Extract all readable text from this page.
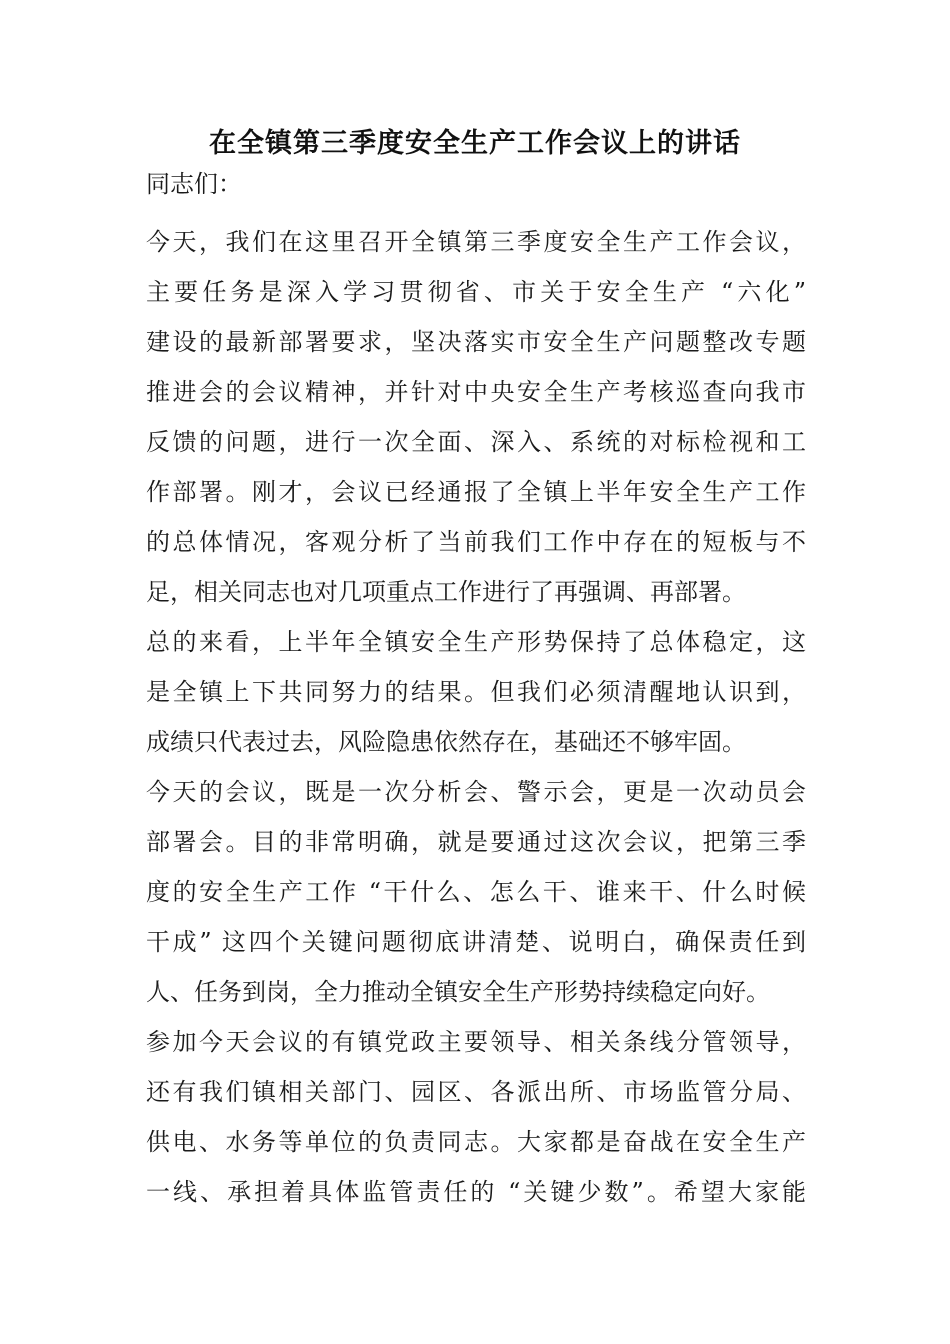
在全镇第三季度安全生产工作会议上的讲话
同志们：
今天，我们在这里召开全镇第三季度安全生产工作会议，
主要任务是深入学习贯彻省、市关于安全生产 “六化”
建设的最新部署要求，坚决落实市安全生产问题整改专题
推进会的会议精神，并针对中央安全生产考核巡查向我市
反馈的问题，进行一次全面、深入、系统的对标检视和工
作部署。刚才，会议已经通报了全镇上半年安全生产工作
的总体情况，客观分析了当前我们工作中存在的短板与不
足，相关同志也对几项重点工作进行了再强调、再部署。
总的来看，上半年全镇安全生产形势保持了总体稳定，这
是全镇上下共同努力的结果。但我们必须清醒地认识到，
成绩只代表过去，风险隐患依然存在，基础还不够牢固。
今天的会议，既是一次分析会、警示会，更是一次动员会
部署会。目的非常明确，就是要通过这次会议，把第三季
度的安全生产工作 “干什么、怎么干、谁来干、什么时候
干成” 这四个关键问题彻底讲清楚、说明白，确保责任到
人、任务到岗，全力推动全镇安全生产形势持续稳定向好。
参加今天会议的有镇党政主要领导、相关条线分管领导，
还有我们镇相关部门、园区、各派出所、市场监管分局、
供电、水务等单位的负责同志。大家都是奋战在安全生产
一线、承担着具体监管责任的 “关键少数”。希望大家能
